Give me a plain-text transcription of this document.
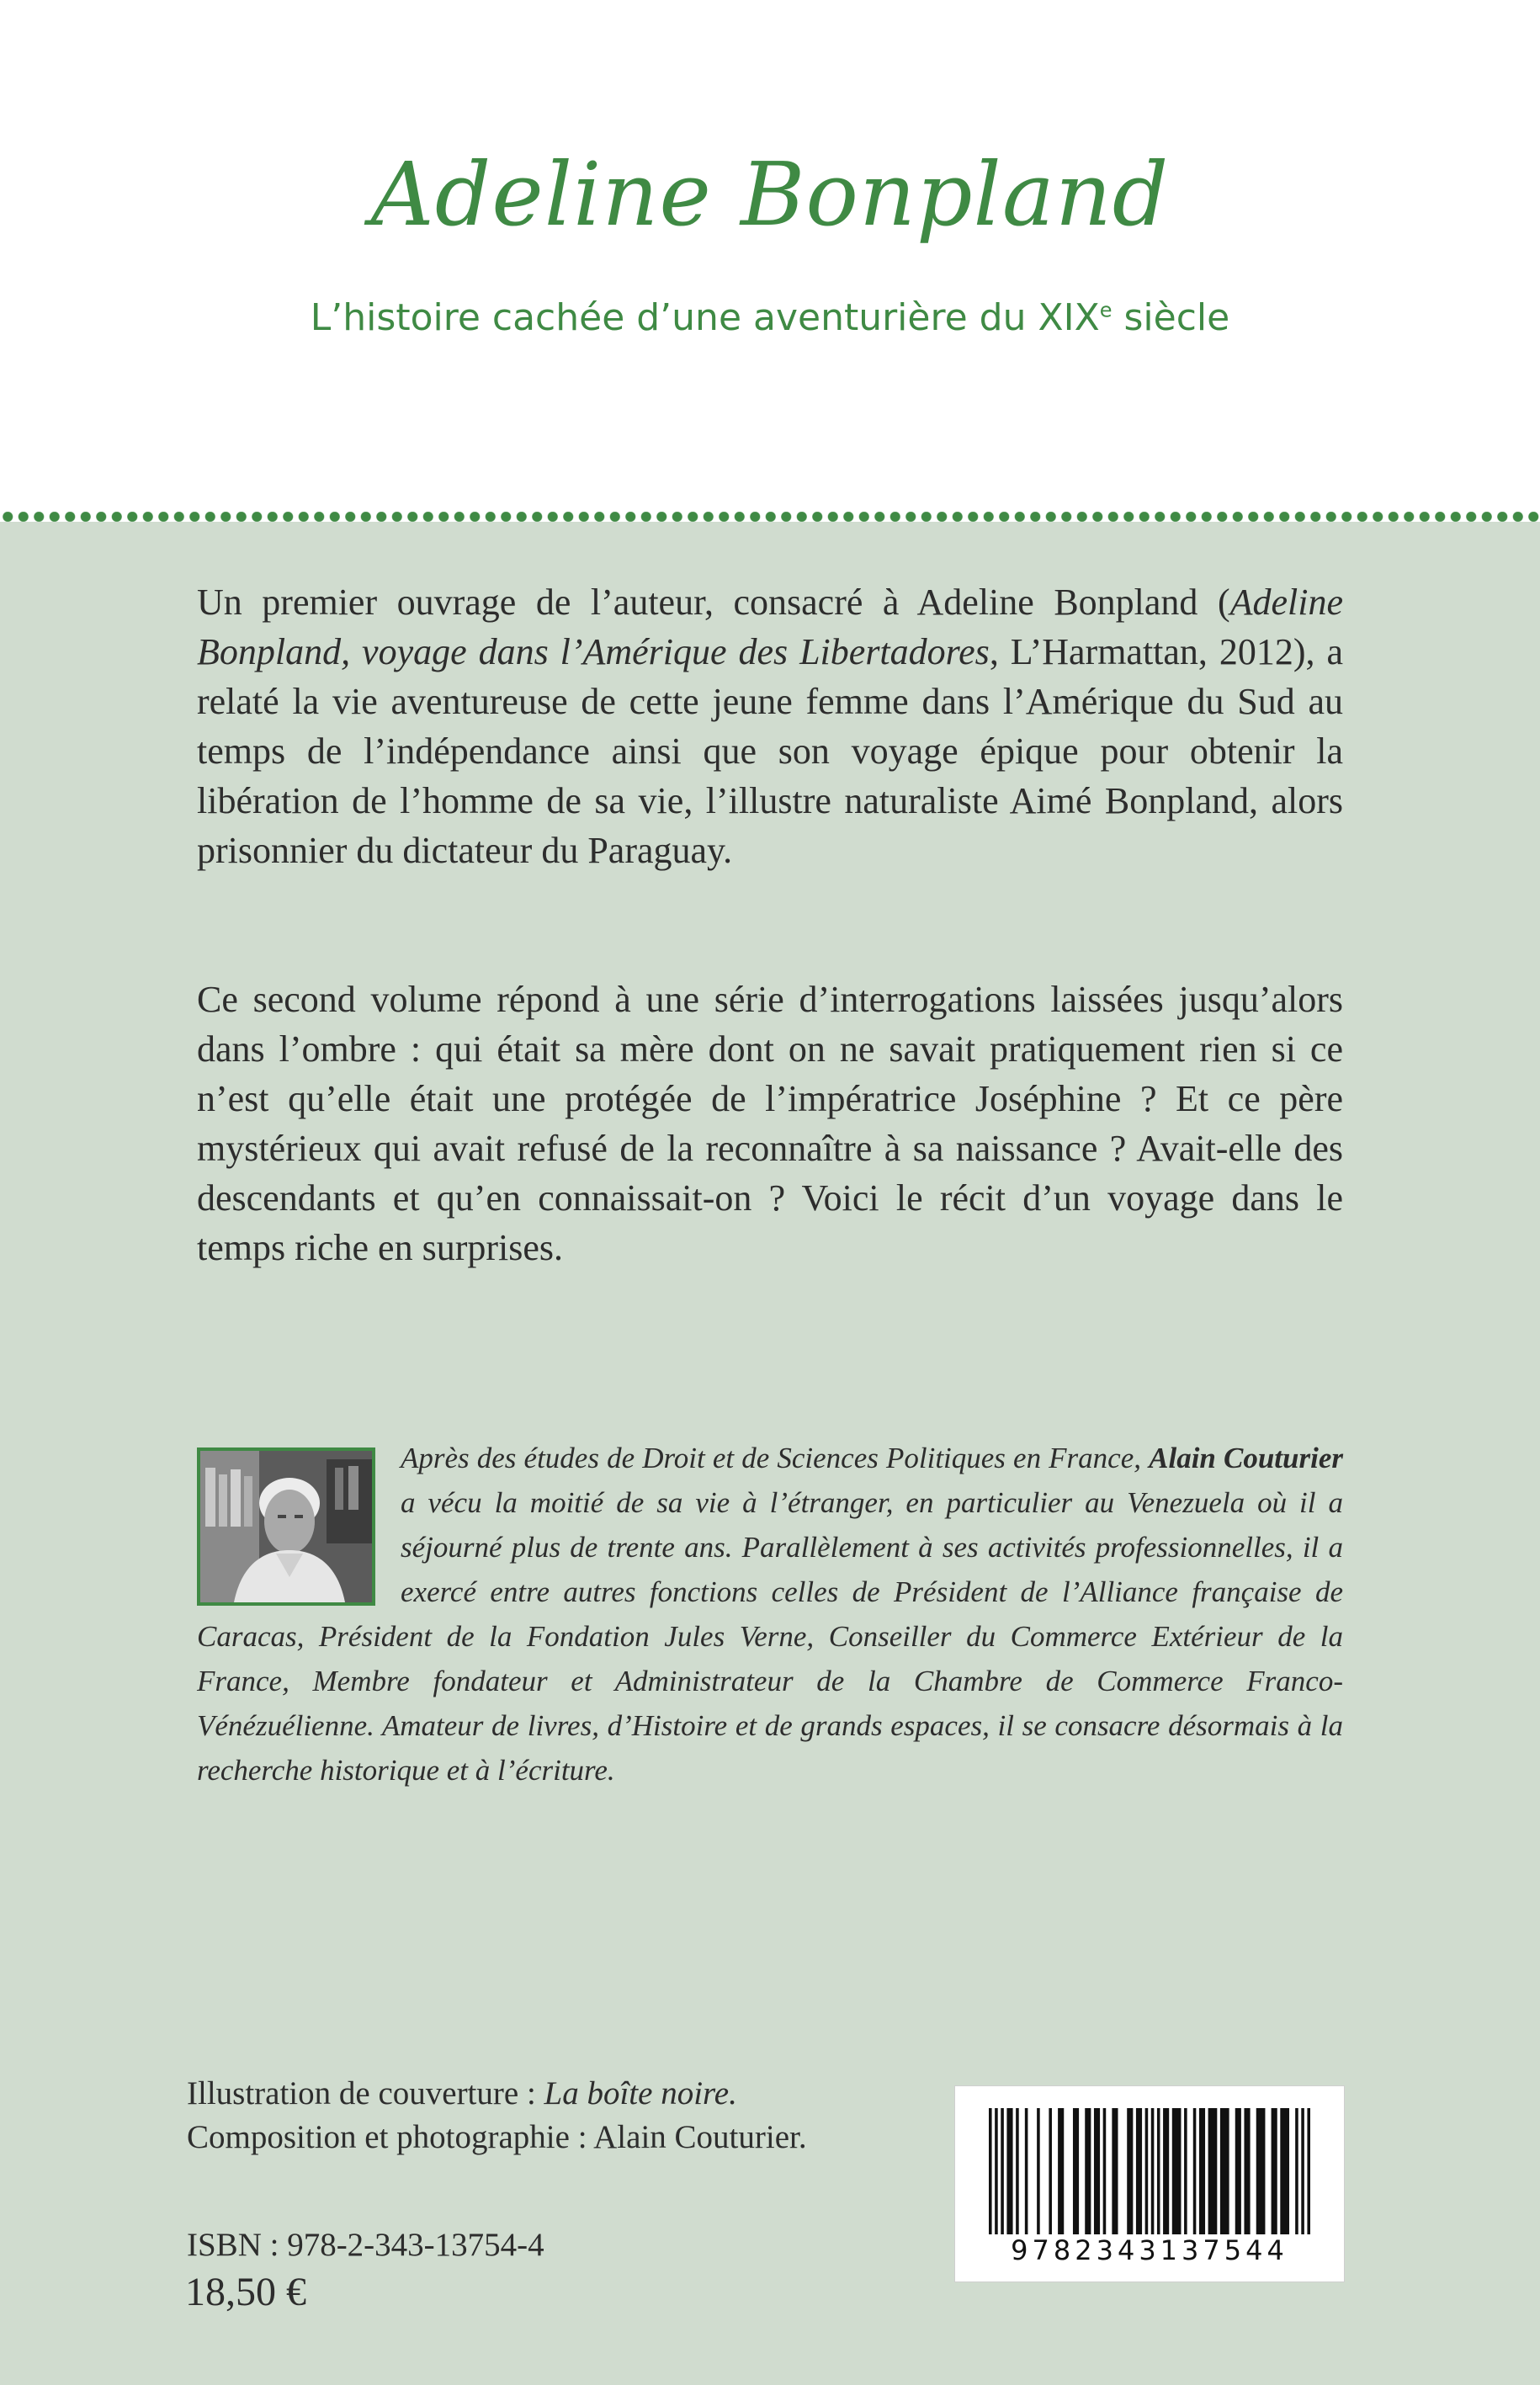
Adeline Bonpland
L’histoire cachée d’une aventurière du XIXe siècle
Un premier ouvrage de l’auteur, consacré à Adeline Bonpland (Adeline Bonpland, voyage dans l’Amérique des Libertadores, L’Harmattan, 2012), a relaté la vie aventureuse de cette jeune femme dans l’Amérique du Sud au temps de l’indépendance ainsi que son voyage épique pour obtenir la libération de l’homme de sa vie, l’illustre naturaliste Aimé Bonpland, alors prisonnier du dictateur du Paraguay.
Ce second volume répond à une série d’interrogations laissées jusqu’alors dans l’ombre : qui était sa mère dont on ne savait pratiquement rien si ce n’est qu’elle était une protégée de l’impératrice Joséphine ? Et ce père mystérieux qui avait refusé de la reconnaître à sa naissance ? Avait-elle des descendants et qu’en connaissait-on ? Voici le récit d’un voyage dans le temps riche en surprises.
Après des études de Droit et de Sciences Politiques en France, Alain Couturier a vécu la moitié de sa vie à l’étranger, en particulier au Venezuela où il a séjourné plus de trente ans. Parallèlement à ses activités professionnelles, il a exercé entre autres fonctions celles de Président de l’Alliance française de Caracas, Président de la Fondation Jules Verne, Conseiller du Commerce Extérieur de la France, Membre fondateur et Administrateur de la Chambre de Commerce Franco-Vénézuélienne. Amateur de livres, d’Histoire et de grands espaces, il se consacre désormais à la recherche historique et à l’écriture.
Illustration de couverture : La boîte noire.
Composition et photographie : Alain Couturier.
ISBN : 978-2-343-13754-4
18,50 €
9782343137544
